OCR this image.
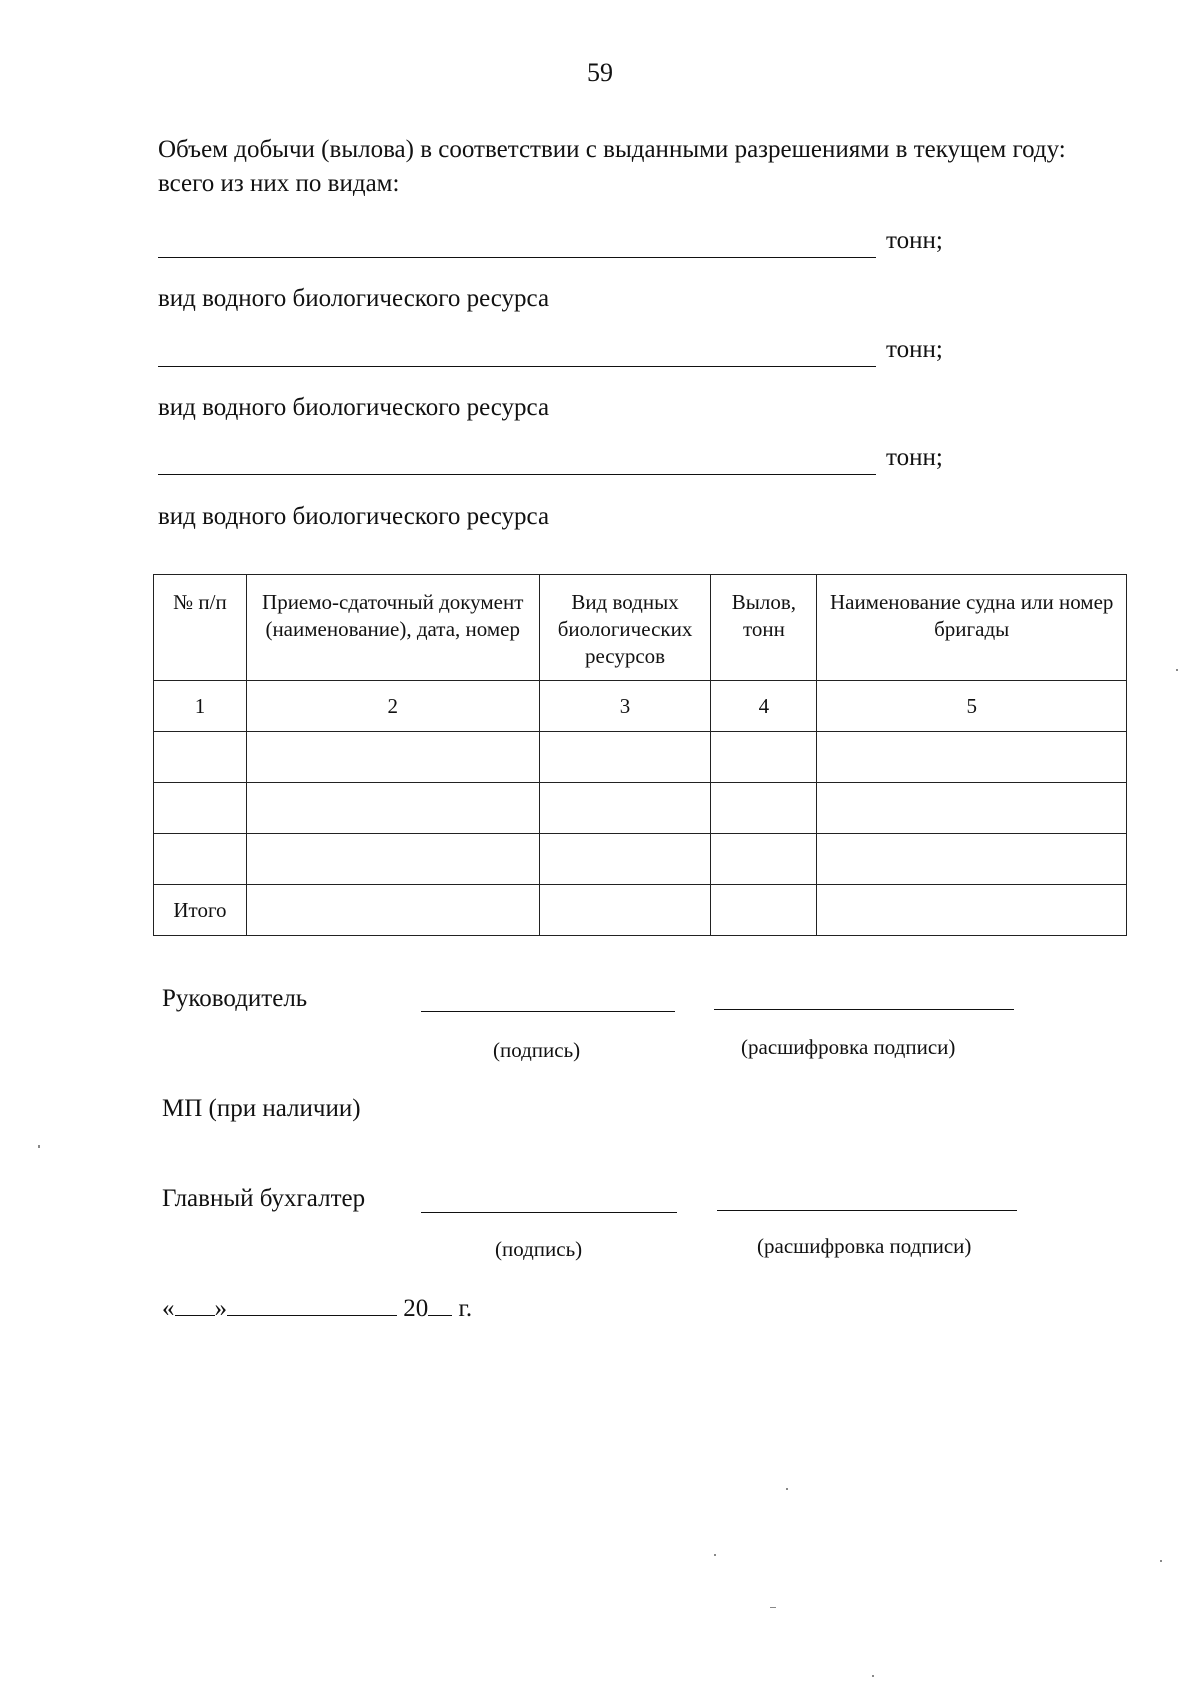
59
Объем добычи (вылова) в соответствии с выданными разрешениями в текущем году: всего из них по видам:
тонн;
вид водного биологического ресурса
тонн;
вид водного биологического ресурса
тонн;
вид водного биологического ресурса
№ п/п	Приемо-сдаточный документ (наименование), дата, номер	Вид водных биологических ресурсов	Вылов, тонн	Наименование судна или номер бригады
1	2	3	4	5

Итого				
Руководитель
(подпись)	(расшифровка подписи)
МП (при наличии)
Главный бухгалтер
(подпись)	(расшифровка подписи)
« »	20 г.
